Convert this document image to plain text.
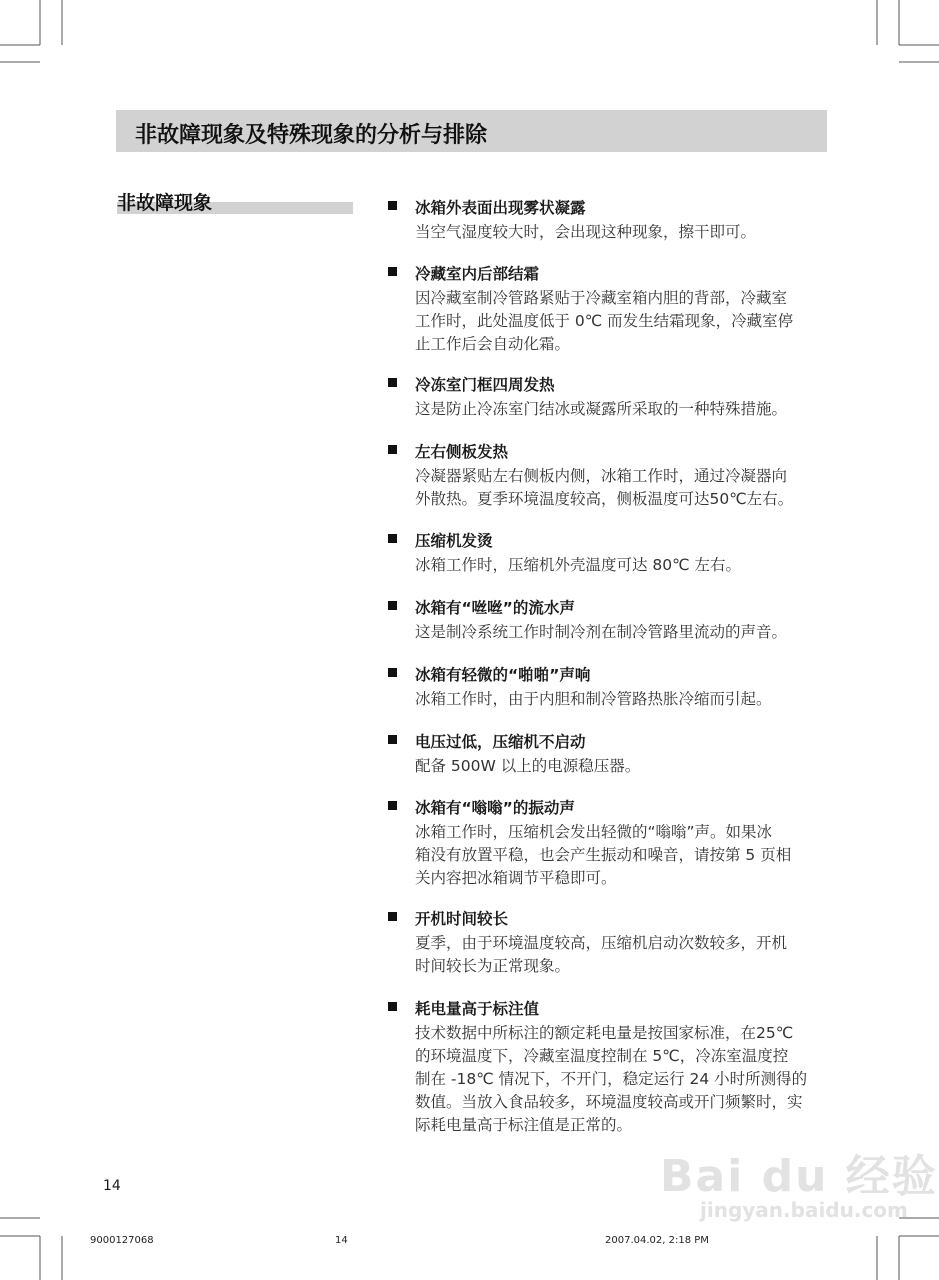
非故障现象及特殊现象的分析与排除
非故障现象	冰箱外表面出现雾状凝露
当空气湿度较大时，会出现这种现象，擦干即可。
冷藏室内后部结霜
因冷藏室制冷管路紧贴于冷藏室箱内胆的背部，冷藏室
工作时，此处温度低于 0℃ 而发生结霜现象，冷藏室停
止工作后会自动化霜。
冷冻室门框四周发热
这是防止冷冻室门结冰或凝露所采取的一种特殊措施。
左右侧板发热
冷凝器紧贴左右侧板内侧，冰箱工作时，通过冷凝器向
外散热。夏季环境温度较高，侧板温度可达50℃左右。
压缩机发烫
冰箱工作时，压缩机外壳温度可达 80℃ 左右。
冰箱有“咝咝”的流水声
这是制冷系统工作时制冷剂在制冷管路里流动的声音。
冰箱有轻微的“啪啪”声响
冰箱工作时，由于内胆和制冷管路热胀冷缩而引起。
电压过低，压缩机不启动
配备 500W 以上的电源稳压器。
冰箱有“嗡嗡”的振动声
冰箱工作时，压缩机会发出轻微的“嗡嗡”声。如果冰
箱没有放置平稳，也会产生振动和噪音，请按第 5 页相
关内容把冰箱调节平稳即可。
开机时间较长
夏季，由于环境温度较高，压缩机启动次数较多，开机
时间较长为正常现象。
耗电量高于标注值
技术数据中所标注的额定耗电量是按国家标准，在25℃
的环境温度下，冷藏室温度控制在 5℃，冷冻室温度控
制在 -18℃ 情况下，不开门，稳定运行 24 小时所测得的
数值。当放入食品较多，环境温度较高或开门频繁时，实
际耗电量高于标注值是正常的。
Bai du 经验
jingyan.baidu.com
14
9000127068	14	2007.04.02, 2:18 PM
